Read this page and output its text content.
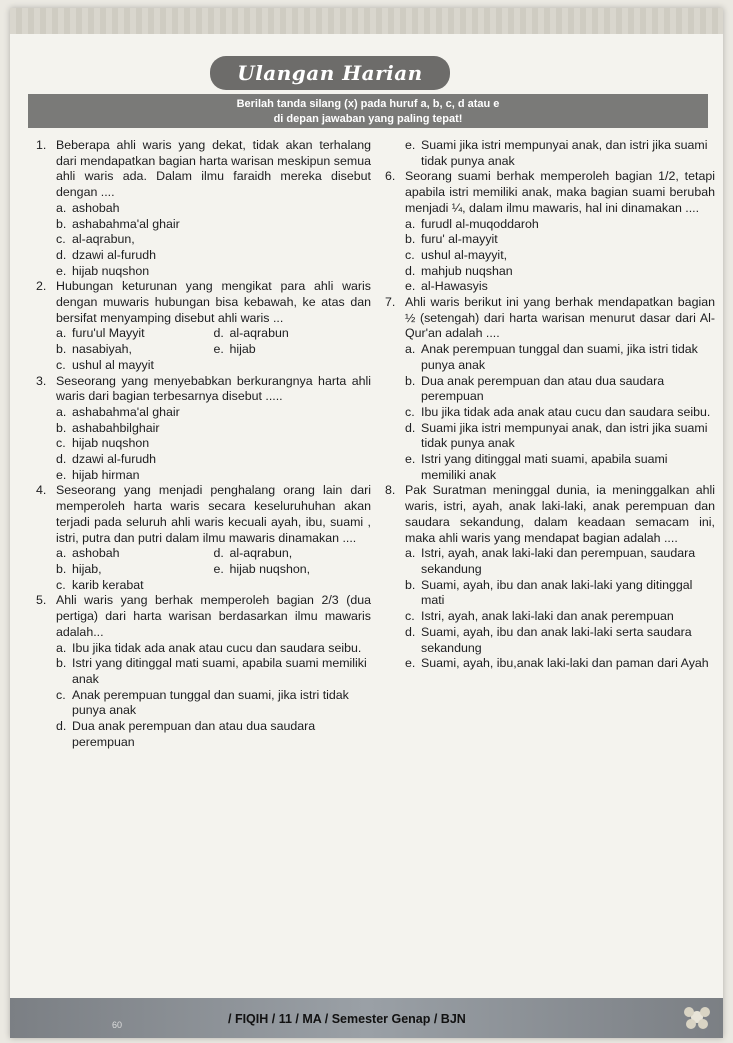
Ulangan Harian
Berilah tanda silang (x) pada huruf a, b, c, d atau e
di depan jawaban yang paling tepat!
1. Beberapa ahli waris yang dekat, tidak akan terhalang dari mendapatkan bagian harta warisan meskipun semua ahli waris ada. Dalam ilmu faraidh mereka disebut dengan ....
a. ashobah
b. ashabahma'al ghair
c. al-aqrabun,
d. dzawi al-furudh
e. hijab nuqshon
2. Hubungan keturunan yang mengikat para ahli waris dengan muwaris hubungan bisa kebawah, ke atas dan bersifat menyamping disebut ahli waris ...
a. furu'ul Mayyit	d. al-aqrabun
b. nasabiyah,	e. hijab
c. ushul al mayyit
3. Seseorang yang menyebabkan berkurangnya harta ahli waris dari bagian terbesarnya disebut .....
a. ashabahma'al ghair
b. ashabahbilghair
c. hijab nuqshon
d. dzawi al-furudh
e. hijab hirman
4. Seseorang yang menjadi penghalang orang lain dari memperoleh harta waris secara keseluruhuhan akan terjadi pada seluruh ahli waris kecuali ayah, ibu, suami , istri, putra dan putri dalam ilmu mawaris dinamakan ....
a. ashobah	d. al-aqrabun,
b. hijab,	e. hijab nuqshon,
c. karib kerabat
5. Ahli waris yang berhak memperoleh bagian 2/3 (dua pertiga) dari harta warisan berdasarkan ilmu mawaris adalah...
a. Ibu jika tidak ada anak atau cucu dan saudara seibu.
b. Istri yang ditinggal mati suami, apabila suami memiliki anak
c. Anak perempuan tunggal dan suami, jika istri tidak punya anak
d. Dua anak perempuan dan atau dua saudara perempuan
e. Suami jika istri mempunyai anak, dan istri jika suami tidak punya anak
6. Seorang suami berhak memperoleh bagian 1/2, tetapi apabila istri memiliki anak, maka bagian suami berubah menjadi ¼, dalam ilmu mawaris, hal ini dinamakan ....
a. furudl al-muqoddaroh
b. furu' al-mayyit
c. ushul al-mayyit,
d. mahjub nuqshan
e. al-Hawasyis
7. Ahli waris berikut ini yang berhak mendapatkan bagian ½ (setengah) dari harta warisan menurut dasar dari Al-Qur'an adalah ....
a. Anak perempuan tunggal dan suami, jika istri tidak punya anak
b. Dua anak perempuan dan atau dua saudara perempuan
c. Ibu jika tidak ada anak atau cucu dan saudara seibu.
d. Suami jika istri mempunyai anak, dan istri jika suami tidak punya anak
e. Istri yang ditinggal mati suami, apabila suami memiliki anak
8. Pak Suratman meninggal dunia, ia meninggalkan ahli waris, istri, ayah, anak laki-laki, anak perempuan dan saudara sekandung, dalam keadaan semacam ini, maka ahli waris yang mendapat bagian adalah ....
a. Istri, ayah, anak laki-laki dan perempuan, saudara sekandung
b. Suami, ayah, ibu dan anak laki-laki yang ditinggal mati
c. Istri, ayah, anak laki-laki dan anak perempuan
d. Suami, ayah, ibu dan anak laki-laki serta saudara sekandung
e. Suami, ayah, ibu,anak laki-laki dan paman dari Ayah
60	/ FIQIH / 11 / MA / Semester Genap / BJN
